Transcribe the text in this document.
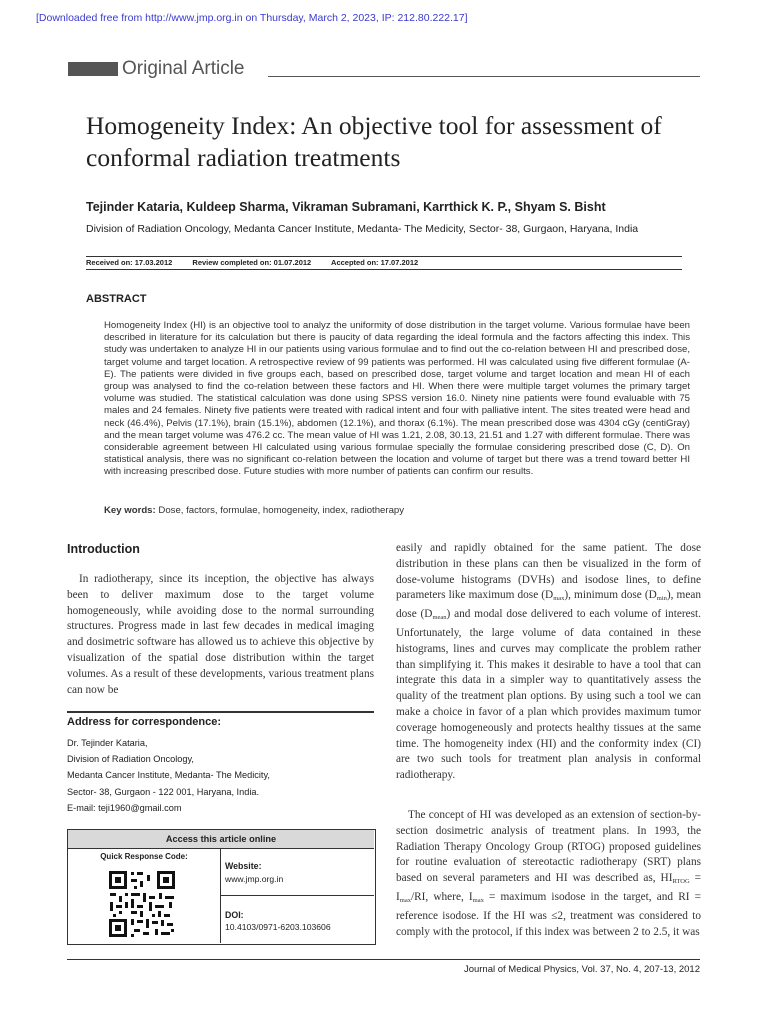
[Downloaded free from http://www.jmp.org.in on Thursday, March 2, 2023, IP: 212.80.222.17]
Original Article
Homogeneity Index: An objective tool for assessment of conformal radiation treatments
Tejinder Kataria, Kuldeep Sharma, Vikraman Subramani, Karrthick K. P., Shyam S. Bisht
Division of Radiation Oncology, Medanta Cancer Institute, Medanta- The Medicity, Sector- 38, Gurgaon, Haryana, India
Received on: 17.03.2012	Review completed on: 01.07.2012	Accepted on: 17.07.2012
ABSTRACT
Homogeneity Index (HI) is an objective tool to analyz the uniformity of dose distribution in the target volume. Various formulae have been described in literature for its calculation but there is paucity of data regarding the ideal formula and the factors affecting this index. This study was undertaken to analyze HI in our patients using various formulae and to find out the co-relation between HI and prescribed dose, target volume and target location. A retrospective review of 99 patients was performed. HI was calculated using five different formulae (A-E). The patients were divided in five groups each, based on prescribed dose, target volume and target location and mean HI of each group was analysed to find the co-relation between these factors and HI. When there were multiple target volumes the primary target volume was studied. The statistical calculation was done using SPSS version 16.0. Ninety nine patients were found evaluable with 75 males and 24 females. Ninety five patients were treated with radical intent and four with palliative intent. The sites treated were head and neck (46.4%), Pelvis (17.1%), brain (15.1%), abdomen (12.1%), and thorax (6.1%). The mean prescribed dose was 4304 cGy (centiGray) and the mean target volume was 476.2 cc. The mean value of HI was 1.21, 2.08, 30.13, 21.51 and 1.27 with different formulae. There was considerable agreement between HI calculated using various formulae specially the formulae considering prescribed dose (C, D). On statistical analysis, there was no significant co-relation between the location and volume of target but there was a trend toward better HI with increasing prescribed dose. Future studies with more number of patients can confirm our results.
Key words: Dose, factors, formulae, homogeneity, index, radiotherapy
Introduction
In radiotherapy, since its inception, the objective has always been to deliver maximum dose to the target volume homogeneously, while avoiding dose to the normal surrounding structures. Progress made in last few decades in medical imaging and dosimetric software has allowed us to achieve this objective by visualization of the spatial dose distribution within the target volumes. As a result of these developments, various treatment plans can now be
easily and rapidly obtained for the same patient. The dose distribution in these plans can then be visualized in the form of dose-volume histograms (DVHs) and isodose lines, to define parameters like maximum dose $(D_{max})$, minimum dose $(D_{min})$, mean dose $(D_{mean})$ and modal dose delivered to each volume of interest. Unfortunately, the large volume of data contained in these histograms, lines and curves may complicate the problem rather than simplifying it. This makes it desirable to have a tool that can integrate this data in a simpler way to quantitatively assess the quality of the treatment plan options. By using such a tool we can make a choice in favor of a plan which provides maximum tumor coverage homogeneously and protects healthy tissues at the same time. The homogeneity index (HI) and the conformity index (CI) are two such tools for treatment plan analysis in conformal radiotherapy.
The concept of HI was developed as an extension of section-by-section dosimetric analysis of treatment plans. In 1993, the Radiation Therapy Oncology Group (RTOG) proposed guidelines for routine evaluation of stereotactic radiotherapy (SRT) plans based on several parameters and HI was described as, $HI_{RTOG} = I_{max}/RI$, where, $I_{max}$ = maximum isodose in the target, and RI = reference isodose. If the HI was ≤2, treatment was considered to comply with the protocol, if this index was between 2 to 2.5, it was
Address for correspondence:
Dr. Tejinder Kataria,
Division of Radiation Oncology,
Medanta Cancer Institute, Medanta- The Medicity,
Sector- 38, Gurgaon - 122 001, Haryana, India.
E-mail: teji1960@gmail.com
Access this article online
Quick Response Code:
Website:
www.jmp.org.in
DOI:
10.4103/0971-6203.103606
Journal of Medical Physics, Vol. 37, No. 4, 207-13, 2012
